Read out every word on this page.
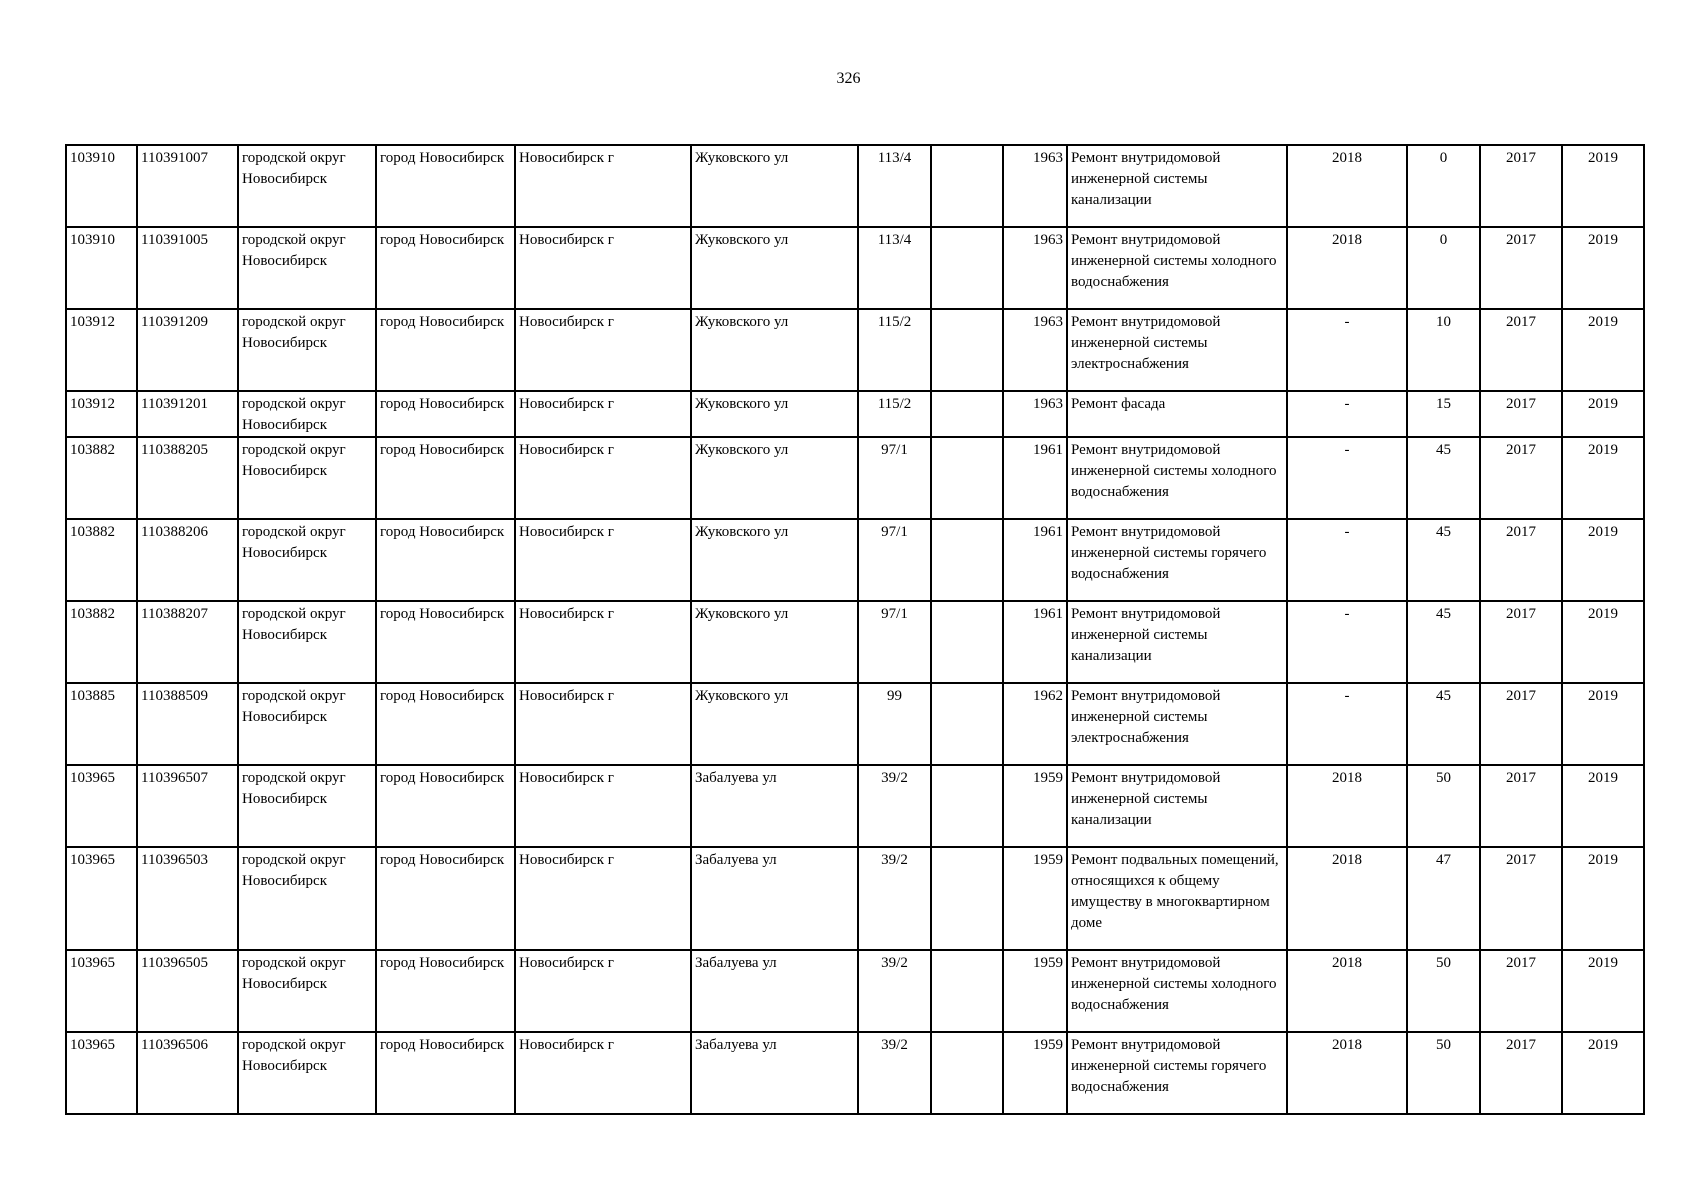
326
103910	110391007	городской округ Новосибирск	город Новосибирск	Новосибирск г	Жуковского ул	113/4		1963	Ремонт внутридомовой инженерной системы канализации	2018	0	2017	2019
103910	110391005	городской округ Новосибирск	город Новосибирск	Новосибирск г	Жуковского ул	113/4		1963	Ремонт внутридомовой инженерной системы холодного водоснабжения	2018	0	2017	2019
103912	110391209	городской округ Новосибирск	город Новосибирск	Новосибирск г	Жуковского ул	115/2		1963	Ремонт внутридомовой инженерной системы электроснабжения	-	10	2017	2019
103912	110391201	городской округ Новосибирск	город Новосибирск	Новосибирск г	Жуковского ул	115/2		1963	Ремонт фасада	-	15	2017	2019
103882	110388205	городской округ Новосибирск	город Новосибирск	Новосибирск г	Жуковского ул	97/1		1961	Ремонт внутридомовой инженерной системы холодного водоснабжения	-	45	2017	2019
103882	110388206	городской округ Новосибирск	город Новосибирск	Новосибирск г	Жуковского ул	97/1		1961	Ремонт внутридомовой инженерной системы горячего водоснабжения	-	45	2017	2019
103882	110388207	городской округ Новосибирск	город Новосибирск	Новосибирск г	Жуковского ул	97/1		1961	Ремонт внутридомовой инженерной системы канализации	-	45	2017	2019
103885	110388509	городской округ Новосибирск	город Новосибирск	Новосибирск г	Жуковского ул	99		1962	Ремонт внутридомовой инженерной системы электроснабжения	-	45	2017	2019
103965	110396507	городской округ Новосибирск	город Новосибирск	Новосибирск г	Забалуева ул	39/2		1959	Ремонт внутридомовой инженерной системы канализации	2018	50	2017	2019
103965	110396503	городской округ Новосибирск	город Новосибирск	Новосибирск г	Забалуева ул	39/2		1959	Ремонт подвальных помещений, относящихся к общему имуществу в многоквартирном доме	2018	47	2017	2019
103965	110396505	городской округ Новосибирск	город Новосибирск	Новосибирск г	Забалуева ул	39/2		1959	Ремонт внутридомовой инженерной системы холодного водоснабжения	2018	50	2017	2019
103965	110396506	городской округ Новосибирск	город Новосибирск	Новосибирск г	Забалуева ул	39/2		1959	Ремонт внутридомовой инженерной системы горячего водоснабжения	2018	50	2017	2019
